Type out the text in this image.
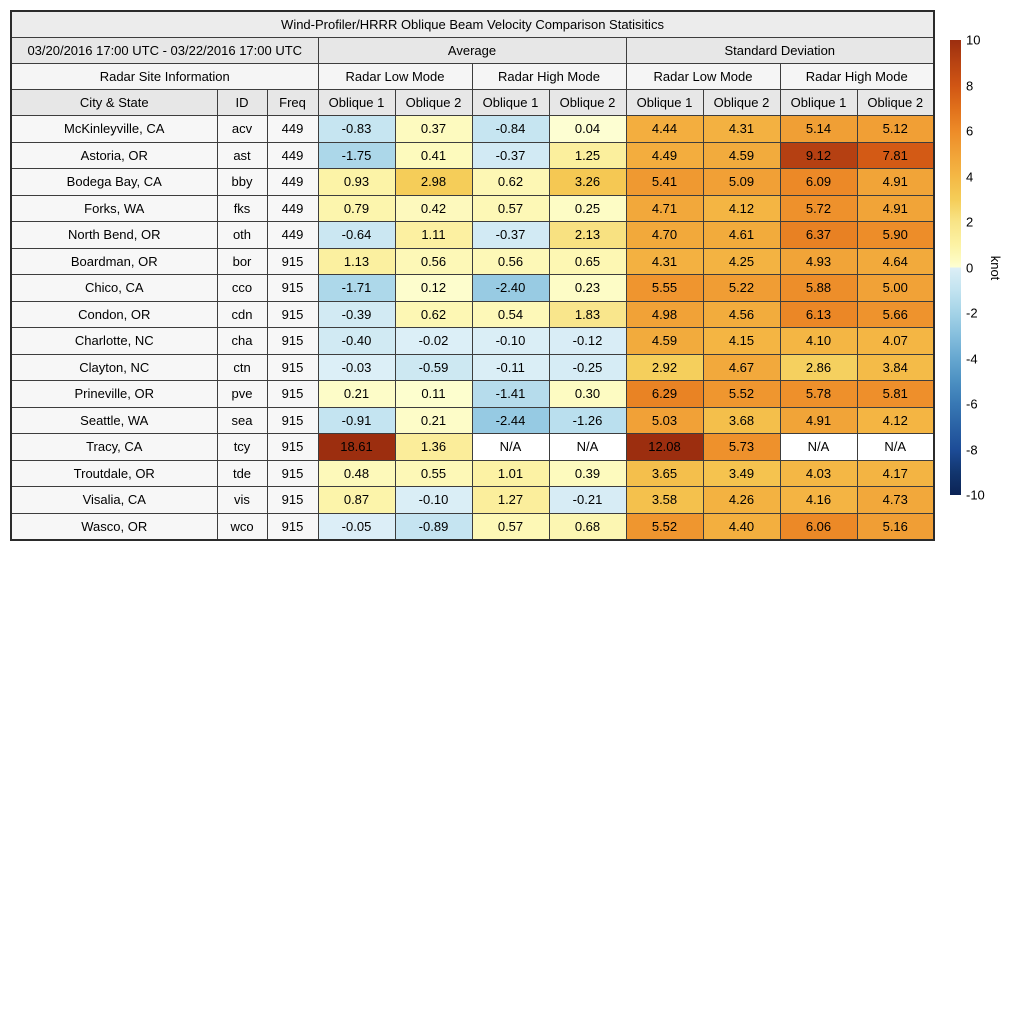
Wind-Profiler/HRRR Oblique Beam Velocity Comparison Statisitics										
03/20/2016 17:00 UTC - 03/22/2016 17:00 UTC			Average				Standard Deviation			
Radar Site Information			Radar Low Mode		Radar High Mode		Radar Low Mode		Radar High Mode	
City & State	ID	Freq	Oblique 1	Oblique 2	Oblique 1	Oblique 2	Oblique 1	Oblique 2	Oblique 1	Oblique 2
McKinleyville, CA	acv	449	-0.83	0.37	-0.84	0.04	4.44	4.31	5.14	5.12
Astoria, OR	ast	449	-1.75	0.41	-0.37	1.25	4.49	4.59	9.12	7.81
Bodega Bay, CA	bby	449	0.93	2.98	0.62	3.26	5.41	5.09	6.09	4.91
Forks, WA	fks	449	0.79	0.42	0.57	0.25	4.71	4.12	5.72	4.91
North Bend, OR	oth	449	-0.64	1.11	-0.37	2.13	4.70	4.61	6.37	5.90
Boardman, OR	bor	915	1.13	0.56	0.56	0.65	4.31	4.25	4.93	4.64
Chico, CA	cco	915	-1.71	0.12	-2.40	0.23	5.55	5.22	5.88	5.00
Condon, OR	cdn	915	-0.39	0.62	0.54	1.83	4.98	4.56	6.13	5.66
Charlotte, NC	cha	915	-0.40	-0.02	-0.10	-0.12	4.59	4.15	4.10	4.07
Clayton, NC	ctn	915	-0.03	-0.59	-0.11	-0.25	2.92	4.67	2.86	3.84
Prineville, OR	pve	915	0.21	0.11	-1.41	0.30	6.29	5.52	5.78	5.81
Seattle, WA	sea	915	-0.91	0.21	-2.44	-1.26	5.03	3.68	4.91	4.12
Tracy, CA	tcy	915	18.61	1.36	N/A	N/A	12.08	5.73	N/A	N/A
Troutdale, OR	tde	915	0.48	0.55	1.01	0.39	3.65	3.49	4.03	4.17
Visalia, CA	vis	915	0.87	-0.10	1.27	-0.21	3.58	4.26	4.16	4.73
Wasco, OR	wco	915	-0.05	-0.89	0.57	0.68	5.52	4.40	6.06	5.16
10
8
6
4
2
0
-2
-4
-6
-8
-10
knot
